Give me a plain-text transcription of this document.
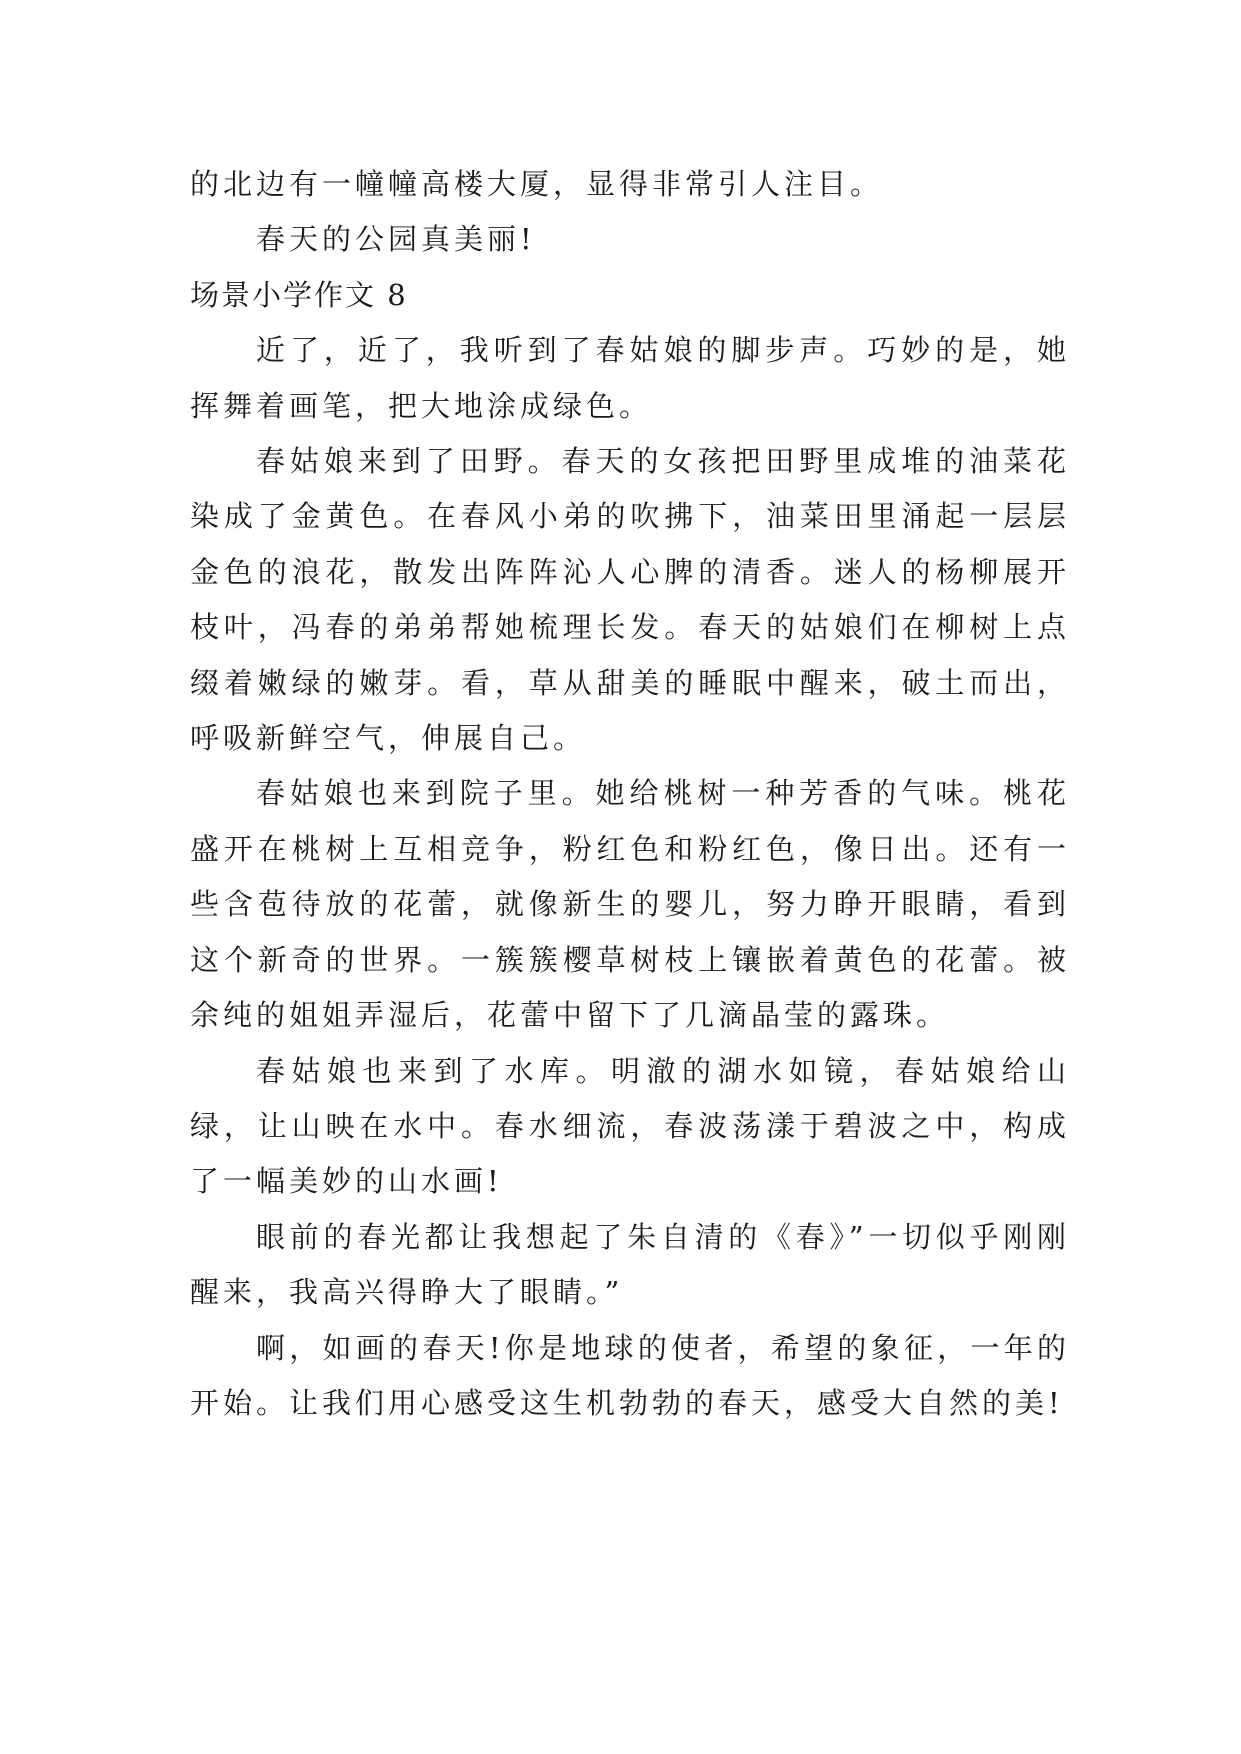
的北边有一幢幢高楼大厦，显得非常引人注目。

春天的公园真美丽!

场景小学作文 8

近了，近了，我听到了春姑娘的脚步声。巧妙的是，她挥舞着画笔，把大地涂成绿色。

春姑娘来到了田野。春天的女孩把田野里成堆的油菜花染成了金黄色。在春风小弟的吹拂下，油菜田里涌起一层层金色的浪花，散发出阵阵沁人心脾的清香。迷人的杨柳展开枝叶，冯春的弟弟帮她梳理长发。春天的姑娘们在柳树上点缀着嫩绿的嫩芽。看，草从甜美的睡眠中醒来，破土而出，呼吸新鲜空气，伸展自己。

春姑娘也来到院子里。她给桃树一种芳香的气味。桃花盛开在桃树上互相竞争，粉红色和粉红色，像日出。还有一些含苞待放的花蕾，就像新生的婴儿，努力睁开眼睛，看到这个新奇的世界。一簇簇樱草树枝上镶嵌着黄色的花蕾。被余纯的姐姐弄湿后，花蕾中留下了几滴晶莹的露珠。

春姑娘也来到了水库。明澈的湖水如镜，春姑娘给山绿，让山映在水中。春水细流，春波荡漾于碧波之中，构成了一幅美妙的山水画!

眼前的春光都让我想起了朱自清的《春》”一切似乎刚刚醒来，我高兴得睁大了眼睛。”

啊，如画的春天!你是地球的使者，希望的象征，一年的开始。让我们用心感受这生机勃勃的春天，感受大自然的美!
